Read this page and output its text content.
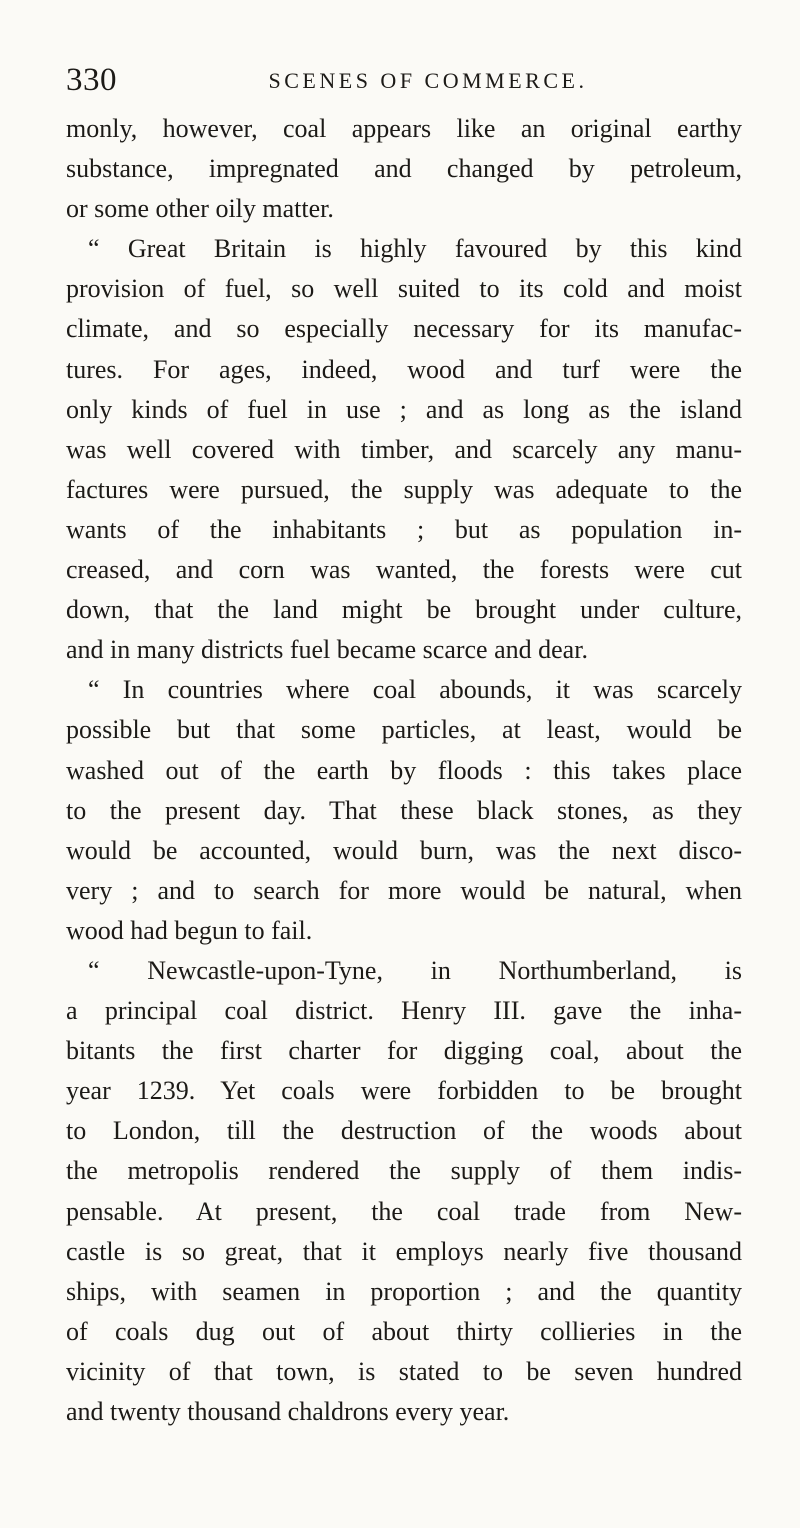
330	SCENES OF COMMERCE.
monly, however, coal appears like an original earthy
substance, impregnated and changed by petroleum,
or some other oily matter.
“ Great Britain is highly favoured by this kind
provision of fuel, so well suited to its cold and moist
climate, and so especially necessary for its manufac-
tures. For ages, indeed, wood and turf were the
only kinds of fuel in use ; and as long as the island
was well covered with timber, and scarcely any manu-
factures were pursued, the supply was adequate to the
wants of the inhabitants ; but as population in-
creased, and corn was wanted, the forests were cut
down, that the land might be brought under culture,
and in many districts fuel became scarce and dear.
“ In countries where coal abounds, it was scarcely
possible but that some particles, at least, would be
washed out of the earth by floods : this takes place
to the present day. That these black stones, as they
would be accounted, would burn, was the next disco-
very ; and to search for more would be natural, when
wood had begun to fail.
“ Newcastle-upon-Tyne, in Northumberland, is
a principal coal district. Henry III. gave the inha-
bitants the first charter for digging coal, about the
year 1239. Yet coals were forbidden to be brought
to London, till the destruction of the woods about
the metropolis rendered the supply of them indis-
pensable. At present, the coal trade from New-
castle is so great, that it employs nearly five thousand
ships, with seamen in proportion ; and the quantity
of coals dug out of about thirty collieries in the
vicinity of that town, is stated to be seven hundred
and twenty thousand chaldrons every year.
